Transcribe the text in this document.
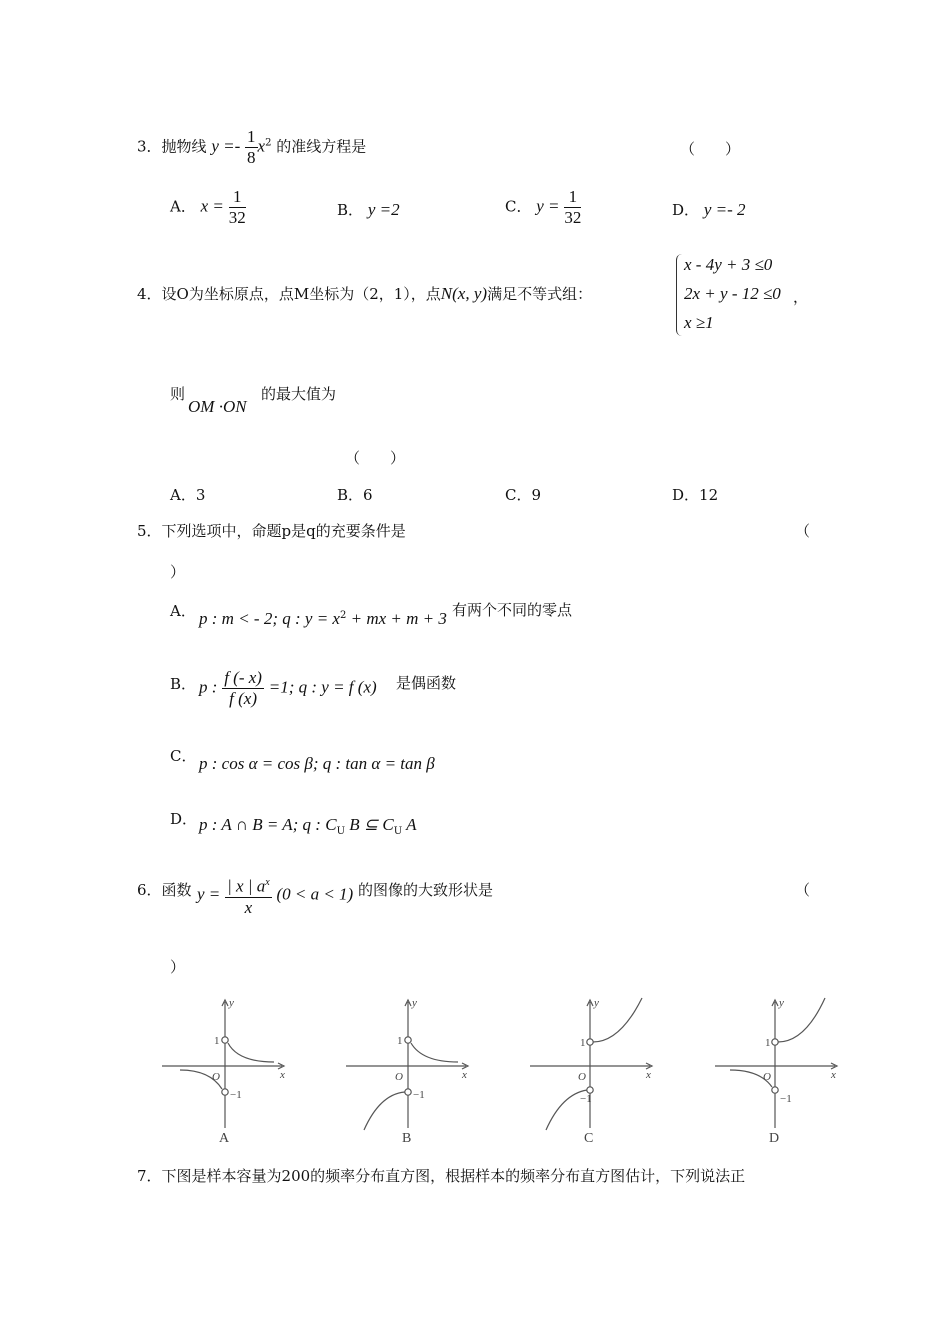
3．抛物线 $y =- \frac{1}{8} x^2$ 的准线方程是	（　　）
A． $x = \frac{1}{32}$	B． y =2	C． $y = \frac{1}{32}$	D． y =- 2
4．设O为坐标原点，点M坐标为（2，1），点N(x, y)满足不等式组：
x - 4y + 3 ≤0
2x + y - 12 ≤0
x ≥1
，
则
OM ·ON
的最大值为
（　　）
A．3	B．6	C．9	D．12
5．下列选项中，命题p是q的充要条件是	（
）
A． p : m < - 2; q : $y = x^2$ + mx + m + 3 有两个不同的零点
B． p : $\frac{f (- x)}{f (x)} =1$; q : y = f (x) 是偶函数
C． p : cos α = cos β; q : tan α = tan β
D． p : A ∩ B = A; q : $C_U$ B ⊆ $C_U$ A
6．函数 $y = \frac{| x | a^x}{x} (0 < a < 1)$ 的图像的大致形状是	（
）
y
x
1
O
−1
A
y
x
1
O
−1
B
y
x
1
O
−1
C
y
x
1
O
−1
D
7．下图是样本容量为200的频率分布直方图，根据样本的频率分布直方图估计，下列说法正
